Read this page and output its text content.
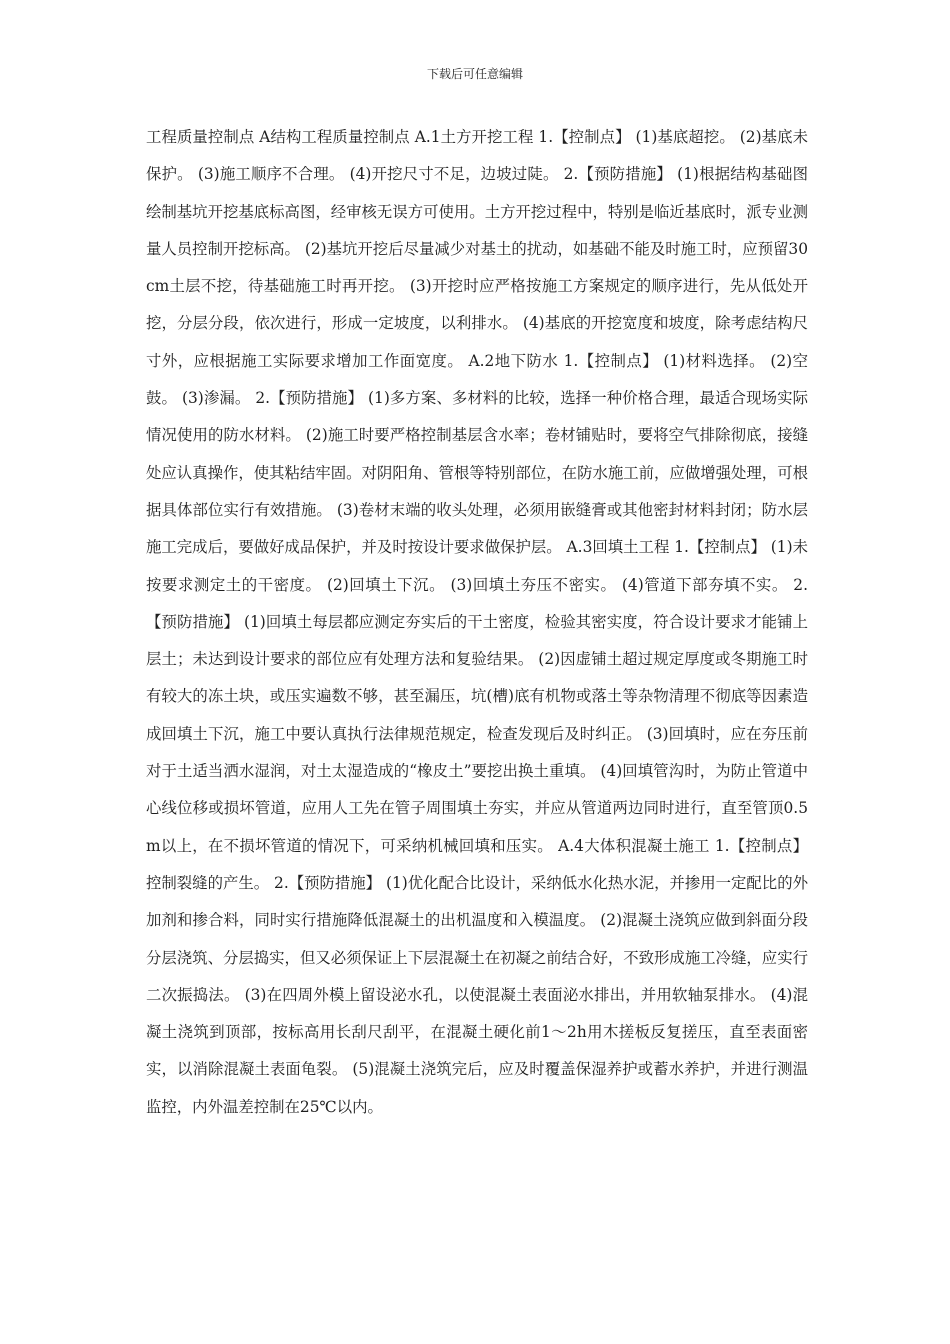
下载后可任意编辑

工程质量控制点 A结构工程质量控制点 A.1土方开挖工程 1.【控制点】 (1)基底超挖。 (2)基底未保护。 (3)施工顺序不合理。 (4)开挖尺寸不足，边坡过陡。 2.【预防措施】 (1)根据结构基础图绘制基坑开挖基底标高图，经审核无误方可使用。土方开挖过程中，特别是临近基底时，派专业测量人员控制开挖标高。 (2)基坑开挖后尽量减少对基土的扰动，如基础不能及时施工时，应预留30cm土层不挖，待基础施工时再开挖。 (3)开挖时应严格按施工方案规定的顺序进行，先从低处开挖，分层分段，依次进行，形成一定坡度，以利排水。 (4)基底的开挖宽度和坡度，除考虑结构尺寸外，应根据施工实际要求增加工作面宽度。 A.2地下防水 1.【控制点】 (1)材料选择。 (2)空鼓。 (3)渗漏。 2.【预防措施】 (1)多方案、多材料的比较，选择一种价格合理，最适合现场实际情况使用的防水材料。 (2)施工时要严格控制基层含水率；卷材铺贴时，要将空气排除彻底，接缝处应认真操作，使其粘结牢固。对阴阳角、管根等特别部位，在防水施工前，应做增强处理，可根据具体部位实行有效措施。 (3)卷材末端的收头处理，必须用嵌缝膏或其他密封材料封闭；防水层施工完成后，要做好成品保护，并及时按设计要求做保护层。 A.3回填土工程 1.【控制点】 (1)未按要求测定土的干密度。 (2)回填土下沉。 (3)回填土夯压不密实。 (4)管道下部夯填不实。 2.【预防措施】 (1)回填土每层都应测定夯实后的干土密度，检验其密实度，符合设计要求才能铺上层土；未达到设计要求的部位应有处理方法和复验结果。 (2)因虚铺土超过规定厚度或冬期施工时有较大的冻土块，或压实遍数不够，甚至漏压，坑(槽)底有机物或落土等杂物清理不彻底等因素造成回填土下沉，施工中要认真执行法律规范规定，检查发现后及时纠正。 (3)回填时，应在夯压前对于土适当洒水湿润，对土太湿造成的“橡皮土”要挖出换土重填。 (4)回填管沟时，为防止管道中心线位移或损坏管道，应用人工先在管子周围填土夯实，并应从管道两边同时进行，直至管顶0.5m以上，在不损坏管道的情况下，可采纳机械回填和压实。 A.4大体积混凝土施工 1.【控制点】 控制裂缝的产生。 2.【预防措施】 (1)优化配合比设计，采纳低水化热水泥，并掺用一定配比的外加剂和掺合料，同时实行措施降低混凝土的出机温度和入模温度。 (2)混凝土浇筑应做到斜面分段分层浇筑、分层捣实，但又必须保证上下层混凝土在初凝之前结合好，不致形成施工冷缝，应实行二次振捣法。 (3)在四周外模上留设泌水孔，以使混凝土表面泌水排出，并用软轴泵排水。 (4)混凝土浇筑到顶部，按标高用长刮尺刮平，在混凝土硬化前1～2h用木搓板反复搓压，直至表面密实，以消除混凝土表面龟裂。 (5)混凝土浇筑完后，应及时覆盖保湿养护或蓄水养护，并进行测温监控，内外温差控制在25℃以内。
